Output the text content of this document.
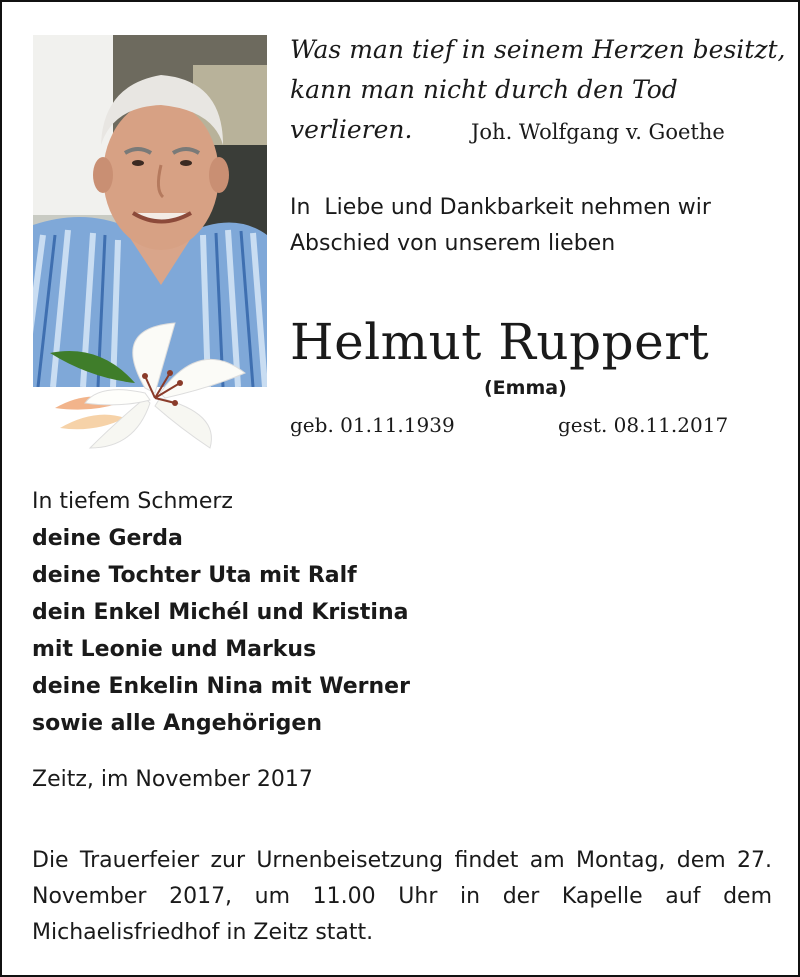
Was man tief in seinem Herzen besitzt,
kann man nicht durch den Tod verlieren.	Joh. Wolfgang v. Goethe
In  Liebe und Dankbarkeit nehmen wir
Abschied von unserem lieben
Helmut Ruppert
(Emma)
geb. 01.11.1939	gest. 08.11.2017
In tiefem Schmerz
deine Gerda
deine Tochter Uta mit Ralf
dein Enkel Michél und Kristina
mit Leonie und Markus
deine Enkelin Nina mit Werner
sowie alle Angehörigen
Zeitz, im November 2017
Die Trauerfeier zur Urnenbeisetzung findet am Montag, dem 27. November 2017, um 11.00 Uhr in der Kapelle auf dem Michaelisfriedhof in Zeitz statt.
